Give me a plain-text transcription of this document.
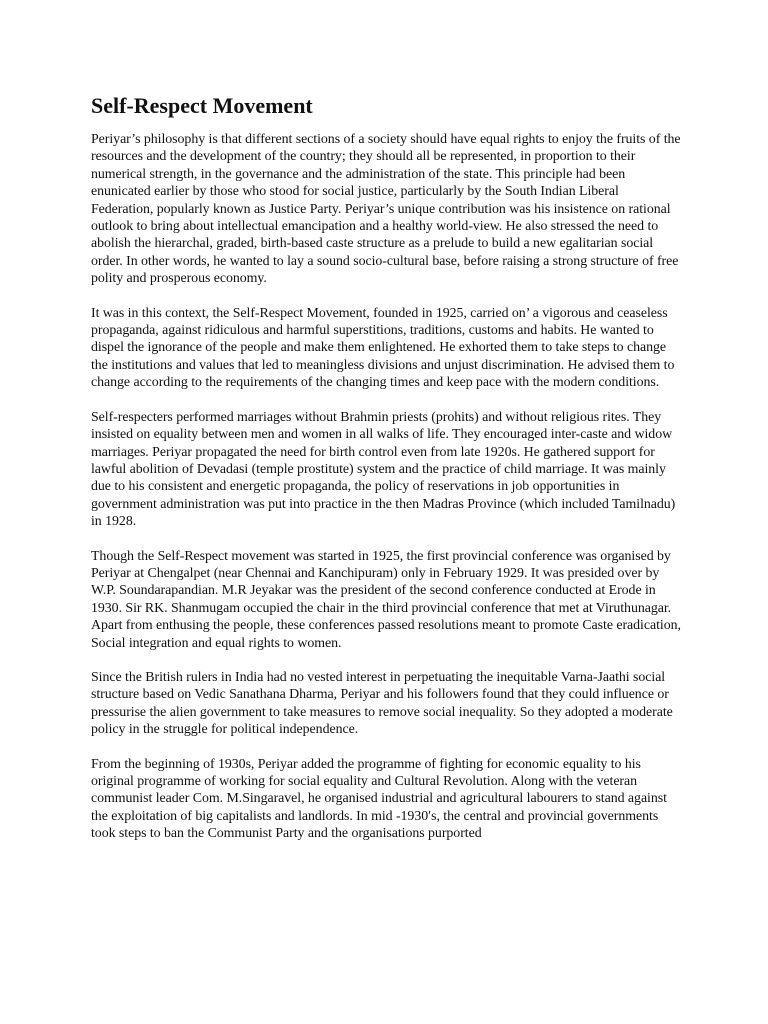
Self-Respect Movement

Periyar’s philosophy is that different sections of a society should have equal rights to enjoy the fruits of the resources and the development of the country; they should all be represented, in proportion to their numerical strength, in the governance and the administration of the state. This principle had been enunicated earlier by those who stood for social justice, particularly by the South Indian Liberal Federation, popularly known as Justice Party. Periyar’s unique contribution was his insistence on rational outlook to bring about intellectual emancipation and a healthy world-view. He also stressed the need to abolish the hierarchal, graded, birth-based caste structure as a prelude to build a new egalitarian social order. In other words, he wanted to lay a sound socio-cultural base, before raising a strong structure of free polity and prosperous economy.

It was in this context, the Self-Respect Movement, founded in 1925, carried on’ a vigorous and ceaseless propaganda, against ridiculous and harmful superstitions, traditions, customs and habits. He wanted to dispel the ignorance of the people and make them enlightened. He exhorted them to take steps to change the institutions and values that led to meaningless divisions and unjust discrimination. He advised them to change according to the requirements of the changing times and keep pace with the modern conditions.

Self-respecters performed marriages without Brahmin priests (prohits) and without religious rites. They insisted on equality between men and women in all walks of life. They encouraged inter-caste and widow marriages. Periyar propagated the need for birth control even from late 1920s. He gathered support for lawful abolition of Devadasi (temple prostitute) system and the practice of child marriage. It was mainly due to his consistent and energetic propaganda, the policy of reservations in job opportunities in government administration was put into practice in the then Madras Province (which included Tamilnadu) in 1928.

Though the Self-Respect movement was started in 1925, the first provincial conference was organised by Periyar at Chengalpet (near Chennai and Kanchipuram) only in February 1929. It was presided over by W.P. Soundarapandian. M.R Jeyakar was the president of the second conference conducted at Erode in 1930. Sir RK. Shanmugam occupied the chair in the third provincial conference that met at Viruthunagar. Apart from enthusing the people, these conferences passed resolutions meant to promote Caste eradication, Social integration and equal rights to women.

Since the British rulers in India had no vested interest in perpetuating the inequitable Varna-Jaathi social structure based on Vedic Sanathana Dharma, Periyar and his followers found that they could influence or pressurise the alien government to take measures to remove social inequality. So they adopted a moderate policy in the struggle for political independence.

From the beginning of 1930s, Periyar added the programme of fighting for economic equality to his original programme of working for social equality and Cultural Revolution. Along with the veteran communist leader Com. M.Singaravel, he organised industrial and agricultural labourers to stand against the exploitation of big capitalists and landlords. In mid -1930′s, the central and provincial governments took steps to ban the Communist Party and the organisations purported
